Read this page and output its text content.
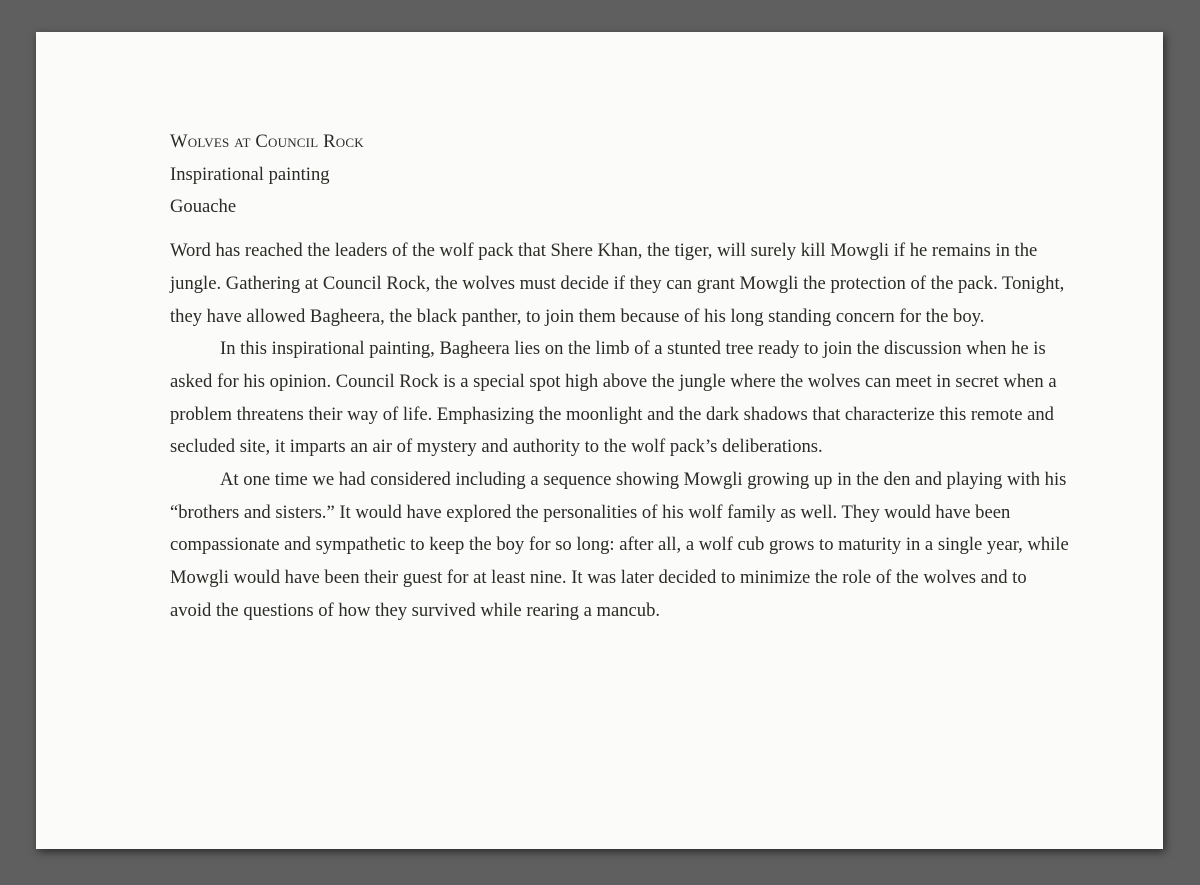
Wolves at Council Rock
Inspirational painting
Gouache

Word has reached the leaders of the wolf pack that Shere Khan, the tiger, will surely kill Mowgli if he remains in the jungle. Gathering at Council Rock, the wolves must decide if they can grant Mowgli the protection of the pack. Tonight, they have allowed Bagheera, the black panther, to join them because of his long standing concern for the boy.

In this inspirational painting, Bagheera lies on the limb of a stunted tree ready to join the discussion when he is asked for his opinion. Council Rock is a special spot high above the jungle where the wolves can meet in secret when a problem threatens their way of life. Emphasizing the moonlight and the dark shadows that characterize this remote and secluded site, it imparts an air of mystery and authority to the wolf pack’s deliberations.

At one time we had considered including a sequence showing Mowgli growing up in the den and playing with his “brothers and sisters.” It would have explored the personalities of his wolf family as well. They would have been compassionate and sympathetic to keep the boy for so long: after all, a wolf cub grows to maturity in a single year, while Mowgli would have been their guest for at least nine. It was later decided to minimize the role of the wolves and to avoid the questions of how they survived while rearing a mancub.
